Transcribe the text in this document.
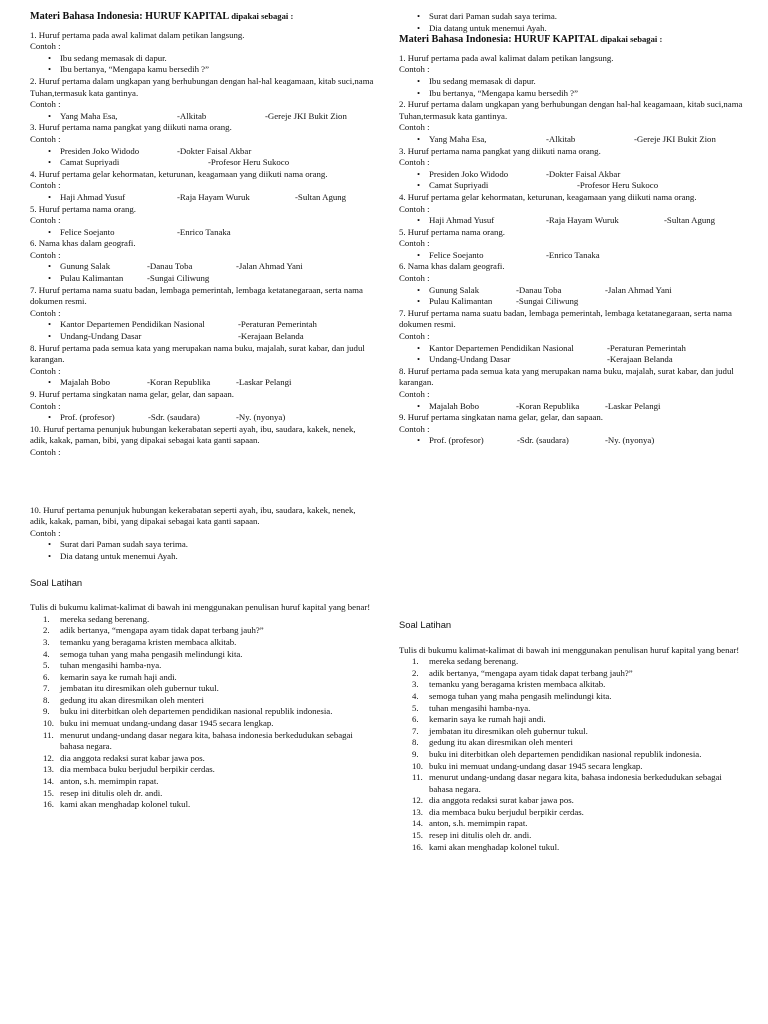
Materi Bahasa Indonesia: HURUF KAPITAL dipakai sebagai :

1. Huruf pertama pada awal kalimat dalam petikan langsung.

Contoh :

• Ibu sedang memasak di dapur.
• Ibu bertanya, “Mengapa kamu bersedih ?”

2. Huruf pertama dalam ungkapan yang berhubungan dengan hal-hal keagamaan, kitab suci,nama Tuhan,termasuk kata gantinya.

Contoh :

• Yang Maha Esa,	-Alkitab	-Gereje JKI Bukit Zion

3. Huruf pertama nama pangkat yang diikuti nama orang.

Contoh :

• Presiden Joko Widodo	-Dokter Faisal Akbar
• Camat Supriyadi	-Profesor Heru Sukoco

4. Huruf pertama gelar kehormatan, keturunan, keagamaan yang diikuti nama orang.

Contoh :

• Haji Ahmad Yusuf	-Raja Hayam Wuruk	-Sultan Agung

5. Huruf pertama nama orang.

Contoh :

• Felice Soejanto	-Enrico Tanaka

6. Nama khas dalam geografi.

Contoh :

• Gunung Salak	-Danau Toba	-Jalan Ahmad Yani
• Pulau Kalimantan	-Sungai Ciliwung

7. Huruf pertama nama suatu badan, lembaga pemerintah, lembaga ketatanegaraan, serta nama dokumen resmi.

Contoh :

• Kantor Departemen Pendidikan Nasional	-Peraturan Pemerintah
• Undang-Undang Dasar	-Kerajaan Belanda

8. Huruf pertama pada semua kata yang merupakan nama buku, majalah, surat kabar, dan judul karangan.

Contoh :

• Majalah Bobo	-Koran Republika	-Laskar Pelangi

9. Huruf pertama singkatan nama gelar, gelar, dan sapaan.

Contoh :

• Prof. (profesor)	-Sdr. (saudara)	-Ny. (nyonya)

10. Huruf pertama penunjuk hubungan kekerabatan seperti ayah, ibu, saudara, kakek, nenek, adik, kakak, paman, bibi, yang dipakai sebagai kata ganti sapaan.

Contoh :

10. Huruf pertama penunjuk hubungan kekerabatan seperti ayah, ibu, saudara, kakek, nenek, adik, kakak, paman, bibi, yang dipakai sebagai kata ganti sapaan.

Contoh :

• Surat dari Paman sudah saya terima.
• Dia datang untuk menemui Ayah.

Soal Latihan

Tulis di bukumu kalimat-kalimat di bawah ini menggunakan penulisan huruf kapital yang benar!

1. mereka sedang berenang.
2. adik bertanya, “mengapa ayam tidak dapat terbang jauh?”
3. temanku yang beragama kristen membaca alkitab.
4. semoga tuhan yang maha pengasih melindungi kita.
5. tuhan mengasihi hamba-nya.
6. kemarin saya ke rumah haji andi.
7. jembatan itu diresmikan oleh gubernur tukul.
8. gedung itu akan diresmikan oleh menteri
9. buku ini diterbitkan oleh departemen pendidikan nasional republik indonesia.
10. buku ini memuat undang-undang dasar 1945 secara lengkap.
11. menurut undang-undang dasar negara kita, bahasa indonesia berkedudukan sebagai bahasa negara.
12. dia anggota redaksi surat kabar jawa pos.
13. dia membaca buku berjudul berpikir cerdas.
14. anton, s.h. memimpin rapat.
15. resep ini ditulis oleh dr. andi.
16. kami akan menghadap kolonel tukul.
• Surat dari Paman sudah saya terima.
• Dia datang untuk menemui Ayah.
Materi Bahasa Indonesia: HURUF KAPITAL dipakai sebagai :

1. Huruf pertama pada awal kalimat dalam petikan langsung.

Contoh :

• Ibu sedang memasak di dapur.
• Ibu bertanya, “Mengapa kamu bersedih ?”

2. Huruf pertama dalam ungkapan yang berhubungan dengan hal-hal keagamaan, kitab suci,nama Tuhan,termasuk kata gantinya.

Contoh :

• Yang Maha Esa,	-Alkitab	-Gereje JKI Bukit Zion

3. Huruf pertama nama pangkat yang diikuti nama orang.

Contoh :

• Presiden Joko Widodo	-Dokter Faisal Akbar
• Camat Supriyadi	-Profesor Heru Sukoco

4. Huruf pertama gelar kehormatan, keturunan, keagamaan yang diikuti nama orang.

Contoh :

• Haji Ahmad Yusuf	-Raja Hayam Wuruk	-Sultan Agung

5. Huruf pertama nama orang.

Contoh :

• Felice Soejanto	-Enrico Tanaka

6. Nama khas dalam geografi.

Contoh :

• Gunung Salak	-Danau Toba	-Jalan Ahmad Yani
• Pulau Kalimantan	-Sungai Ciliwung

7. Huruf pertama nama suatu badan, lembaga pemerintah, lembaga ketatanegaraan, serta nama dokumen resmi.

Contoh :

• Kantor Departemen Pendidikan Nasional	-Peraturan Pemerintah
• Undang-Undang Dasar	-Kerajaan Belanda

8. Huruf pertama pada semua kata yang merupakan nama buku, majalah, surat kabar, dan judul karangan.

Contoh :

• Majalah Bobo	-Koran Republika	-Laskar Pelangi

9. Huruf pertama singkatan nama gelar, gelar, dan sapaan.

Contoh :

• Prof. (profesor)	-Sdr. (saudara)	-Ny. (nyonya)

Soal Latihan

Tulis di bukumu kalimat-kalimat di bawah ini menggunakan penulisan huruf kapital yang benar!

1. mereka sedang berenang.
2. adik bertanya, “mengapa ayam tidak dapat terbang jauh?”
3. temanku yang beragama kristen membaca alkitab.
4. semoga tuhan yang maha pengasih melindungi kita.
5. tuhan mengasihi hamba-nya.
6. kemarin saya ke rumah haji andi.
7. jembatan itu diresmikan oleh gubernur tukul.
8. gedung itu akan diresmikan oleh menteri
9. buku ini diterbitkan oleh departemen pendidikan nasional republik indonesia.
10. buku ini memuat undang-undang dasar 1945 secara lengkap.
11. menurut undang-undang dasar negara kita, bahasa indonesia berkedudukan sebagai bahasa negara.
12. dia anggota redaksi surat kabar jawa pos.
13. dia membaca buku berjudul berpikir cerdas.
14. anton, s.h. memimpin rapat.
15. resep ini ditulis oleh dr. andi.
16. kami akan menghadap kolonel tukul.
